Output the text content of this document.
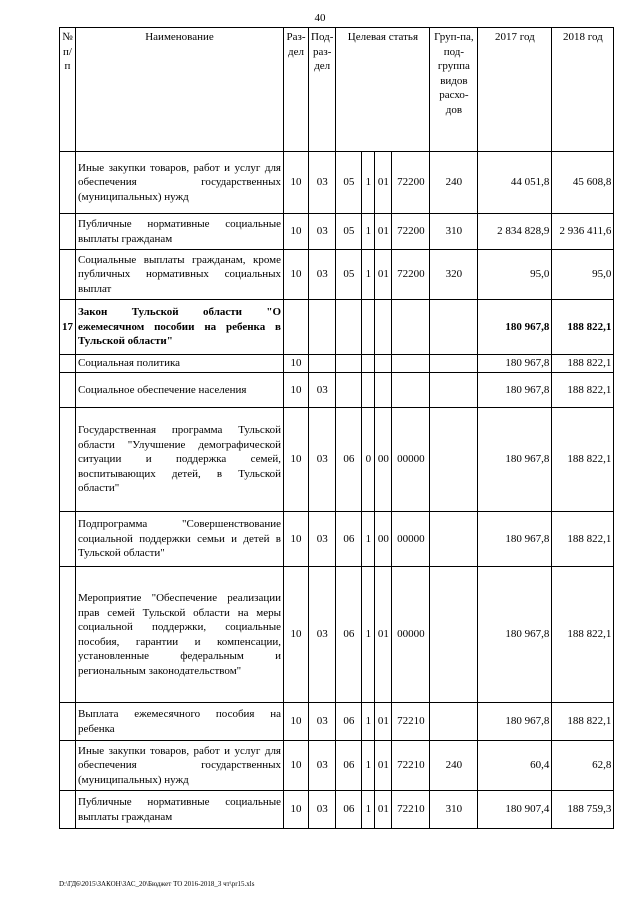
40
№ п/п	Наименование	Раз-дел	Под-раз-дел	Целевая статья				Груп-па, под-группа видов расхо-дов	2017 год	2018 год
	Иные закупки товаров, работ и услуг для обеспечения государственных (муниципальных) нужд	10	03	05	1	01	72200	240	44 051,8	45 608,8
	Публичные нормативные социальные выплаты гражданам	10	03	05	1	01	72200	310	2 834 828,9	2 936 411,6
	Социальные выплаты гражданам, кроме публичных нормативных социальных выплат	10	03	05	1	01	72200	320	95,0	95,0
17	Закон Тульской области "О ежемесячном пособии на ребенка в Тульской области"								180 967,8	188 822,1
	Социальная политика	10							180 967,8	188 822,1
	Социальное обеспечение населения	10	03						180 967,8	188 822,1
	Государственная программа Тульской области "Улучшение демографической ситуации и поддержка семей, воспитывающих детей, в Тульской области"	10	03	06	0	00	00000		180 967,8	188 822,1
	Подпрограмма "Совершенствование социальной поддержки семьи и детей в Тульской области"	10	03	06	1	00	00000		180 967,8	188 822,1
	Мероприятие "Обеспечение реализации прав семей Тульской области на меры социальной поддержки, социальные пособия, гарантии и компенсации, установленные федеральным и региональным законодательством"	10	03	06	1	01	00000		180 967,8	188 822,1
	Выплата ежемесячного пособия на ребенка	10	03	06	1	01	72210		180 967,8	188 822,1
	Иные закупки товаров, работ и услуг для обеспечения государственных (муниципальных) нужд	10	03	06	1	01	72210	240	60,4	62,8
	Публичные нормативные социальные выплаты гражданам	10	03	06	1	01	72210	310	180 907,4	188 759,3
D:\ГД6\2015\ЗАКОН\ЗАС_20\Бюджет ТО 2016-2018_3 чт\pr15.xls
